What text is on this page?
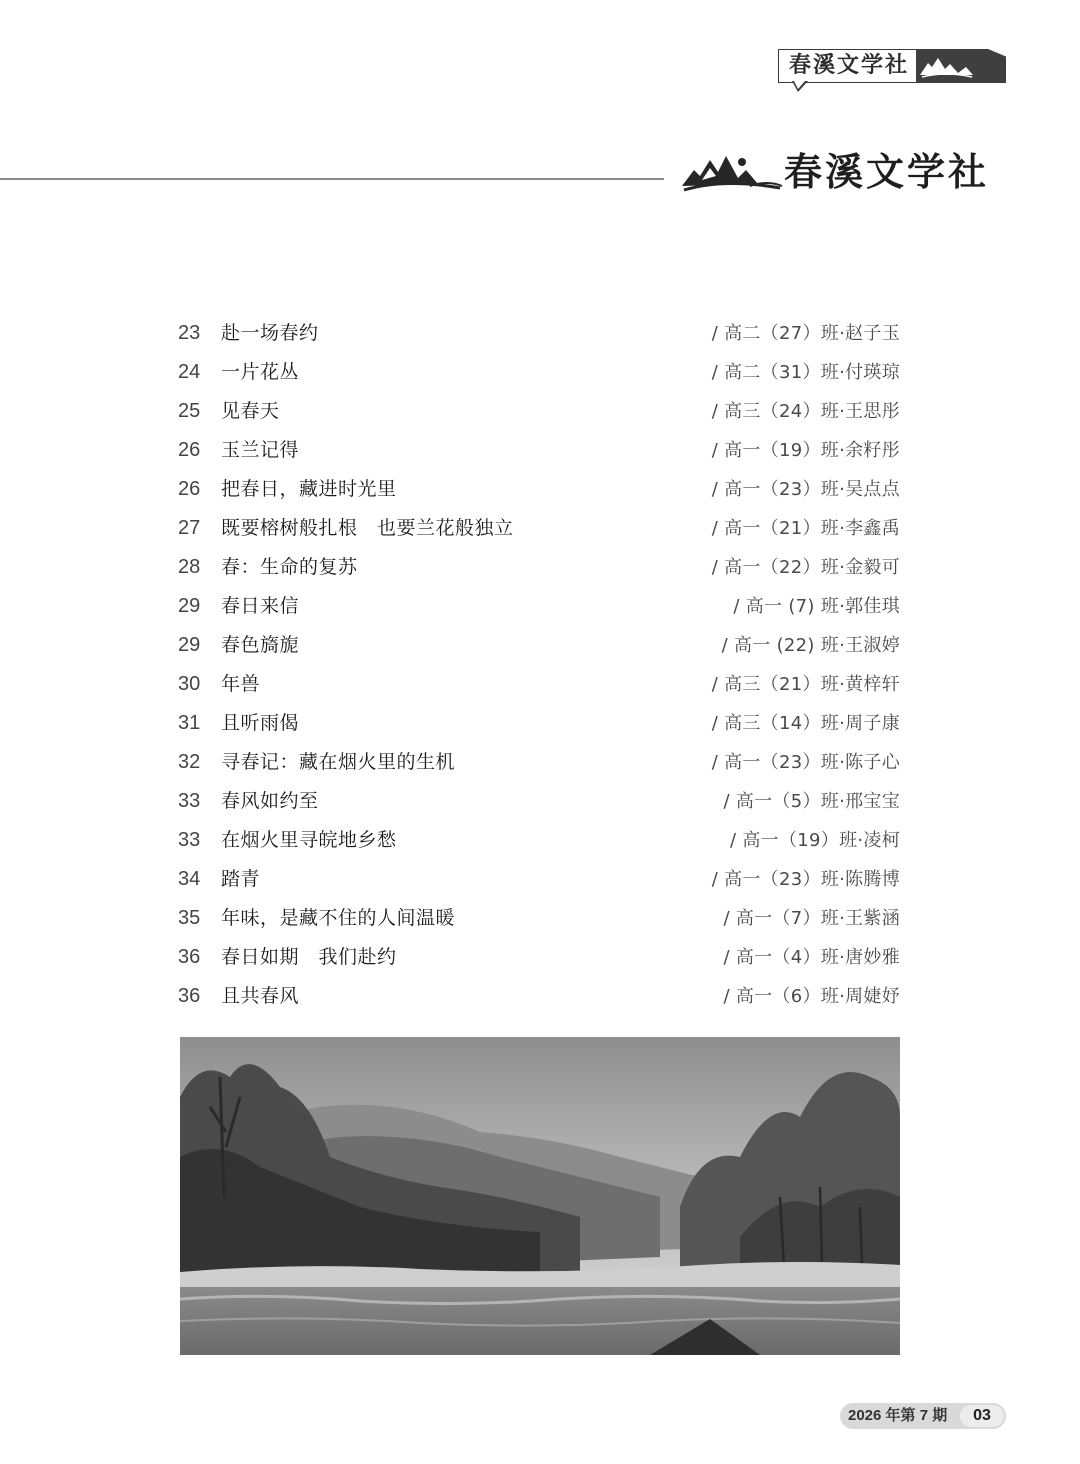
春溪文学社
春溪文学社
23	赴一场春约	/ 高二（27）班·赵子玉
24	一片花丛	/ 高二（31）班·付瑛琼
25	见春天	/ 高三（24）班·王思彤
26	玉兰记得	/ 高一（19）班·余籽彤
26	把春日，藏进时光里	/ 高一（23）班·吴点点
27	既要榕树般扎根　也要兰花般独立	/ 高一（21）班·李鑫禹
28	春：生命的复苏	/ 高一（22）班·金毅可
29	春日来信	/ 高一 (7) 班·郭佳琪
29	春色旖旎	/ 高一 (22) 班·王淑婷
30	年兽	/ 高三（21）班·黄梓轩
31	且听雨偈	/ 高三（14）班·周子康
32	寻春记：藏在烟火里的生机	/ 高一（23）班·陈子心
33	春风如约至	/ 高一（5）班·邢宝宝
33	在烟火里寻皖地乡愁	/ 高一（19）班·凌柯
34	踏青	/ 高一（23）班·陈腾博
35	年味，是藏不住的人间温暖	/ 高一（7）班·王紫涵
36	春日如期　我们赴约	/ 高一（4）班·唐妙雅
36	且共春风	/ 高一（6）班·周婕妤
2026 年第 7 期	03
